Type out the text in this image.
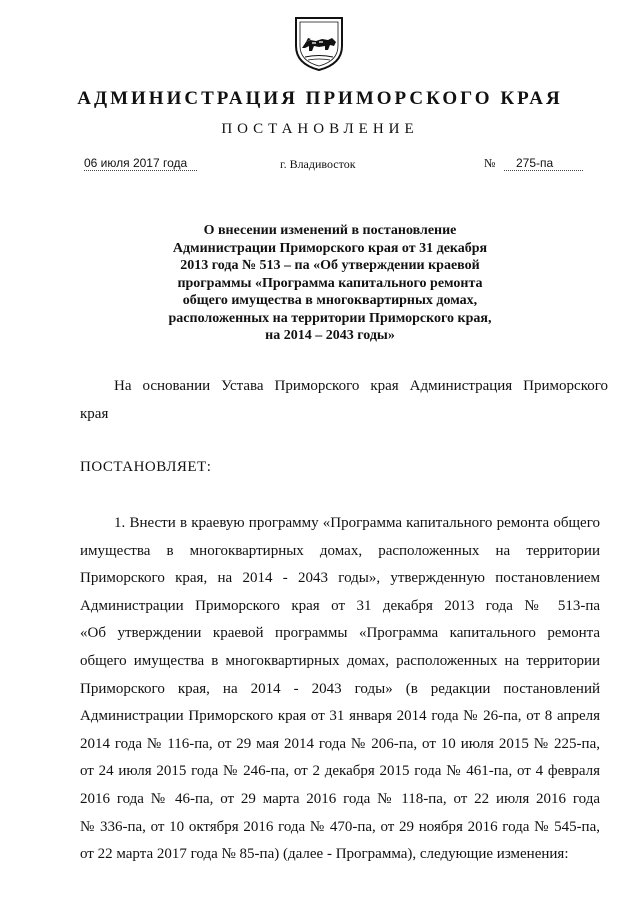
АДМИНИСТРАЦИЯ ПРИМОРСКОГО КРАЯ
ПОСТАНОВЛЕНИЕ
06 июля 2017 года	г. Владивосток	№	275-па
О внесении изменений в постановление
Администрации Приморского края от 31 декабря
2013 года № 513 – па «Об утверждении краевой
программы «Программа капитального ремонта
общего имущества в многоквартирных домах,
расположенных на территории Приморского края,
на 2014 – 2043 годы»
На основании Устава Приморского края Администрация Приморского
края
ПОСТАНОВЛЯЕТ:
1. Внести в краевую программу «Программа капитального ремонта общего
имущества в многоквартирных домах, расположенных на территории
Приморского края, на 2014 - 2043 годы», утвержденную постановлением
Администрации Приморского края от 31 декабря 2013 года № 513-па
«Об утверждении краевой программы «Программа капитального ремонта
общего имущества в многоквартирных домах, расположенных на территории
Приморского края, на 2014 - 2043 годы» (в редакции постановлений
Администрации Приморского края от 31 января 2014 года № 26-па, от 8 апреля
2014 года № 116-па, от 29 мая 2014 года № 206-па, от 10 июля 2015 № 225-па,
от 24 июля 2015 года № 246-па, от 2 декабря 2015 года № 461-па, от 4 февраля
2016 года № 46-па, от 29 марта 2016 года № 118-па, от 22 июля 2016 года
№ 336-па, от 10 октября 2016 года № 470-па, от 29 ноября 2016 года № 545-па,
от 22 марта 2017 года № 85-па) (далее - Программа), следующие изменения:
